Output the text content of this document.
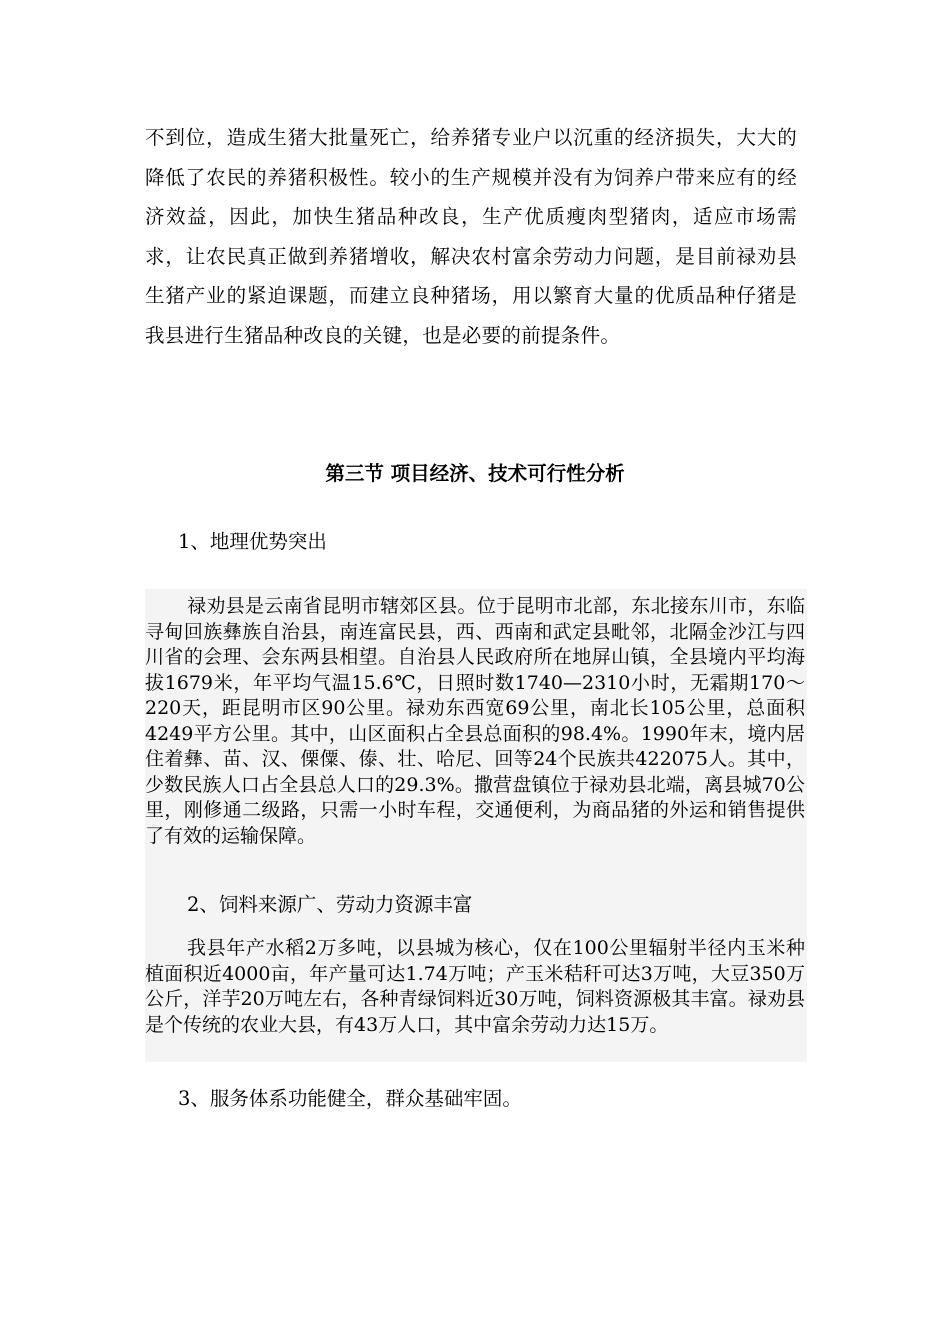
不到位，造成生猪大批量死亡，给养猪专业户以沉重的经济损失，大大的降低了农民的养猪积极性。较小的生产规模并没有为饲养户带来应有的经济效益，因此，加快生猪品种改良，生产优质瘦肉型猪肉，适应市场需求，让农民真正做到养猪增收，解决农村富余劳动力问题，是目前禄劝县生猪产业的紧迫课题，而建立良种猪场，用以繁育大量的优质品种仔猪是我县进行生猪品种改良的关键，也是必要的前提条件。

第三节 项目经济、技术可行性分析

1、地理优势突出

禄劝县是云南省昆明市辖郊区县。位于昆明市北部，东北接东川市，东临寻甸回族彝族自治县，南连富民县，西、西南和武定县毗邻，北隔金沙江与四川省的会理、会东两县相望。自治县人民政府所在地屏山镇，全县境内平均海拔1679米，年平均气温15.6℃，日照时数1740—2310小时，无霜期170～220天，距昆明市区90公里。禄劝东西宽69公里，南北长105公里，总面积4249平方公里。其中，山区面积占全县总面积的98.4%。1990年末，境内居住着彝、苗、汉、傈僳、傣、壮、哈尼、回等24个民族共422075人。其中，少数民族人口占全县总人口的29.3%。撒营盘镇位于禄劝县北端，离县城70公里，刚修通二级路，只需一小时车程，交通便利，为商品猪的外运和销售提供了有效的运输保障。

2、饲料来源广、劳动力资源丰富

我县年产水稻2万多吨，以县城为核心，仅在100公里辐射半径内玉米种植面积近4000亩，年产量可达1.74万吨；产玉米秸秆可达3万吨，大豆350万公斤，洋芋20万吨左右，各种青绿饲料近30万吨，饲料资源极其丰富。禄劝县是个传统的农业大县，有43万人口，其中富余劳动力达15万。

3、服务体系功能健全，群众基础牢固。
